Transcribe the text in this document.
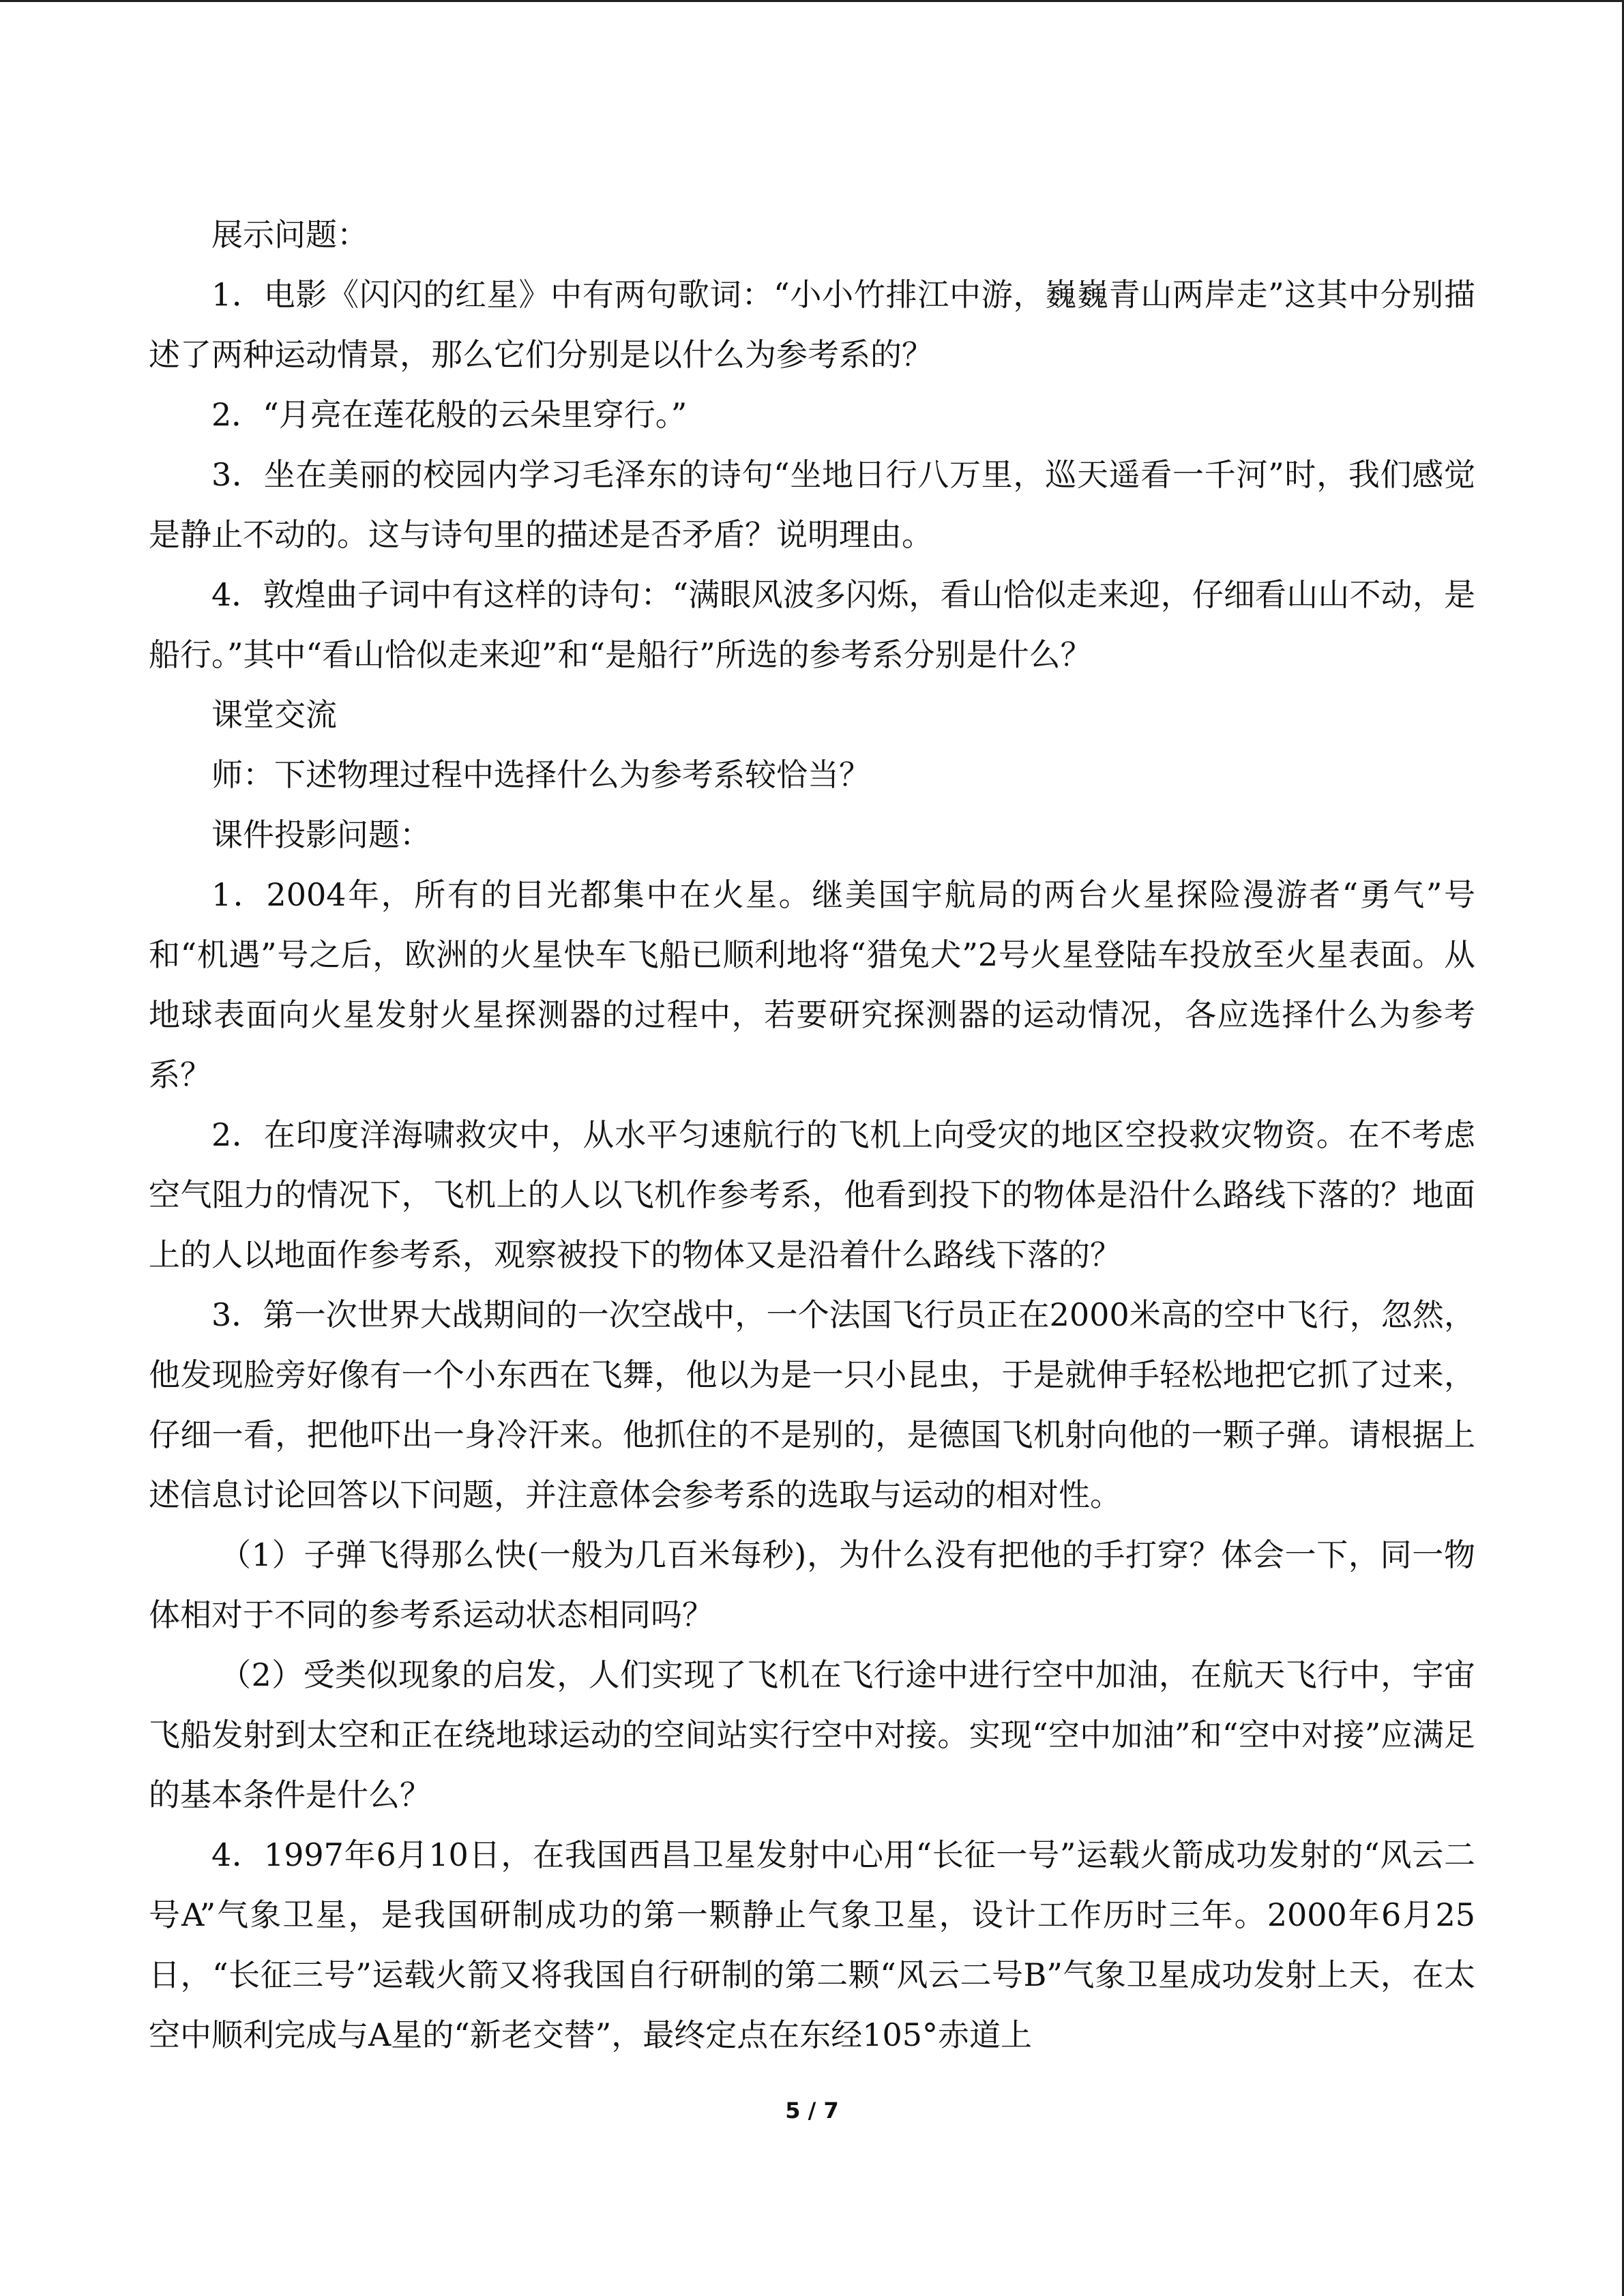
展示问题：

1．电影《闪闪的红星》中有两句歌词：“小小竹排江中游，巍巍青山两岸走”这其中分别描述了两种运动情景，那么它们分别是以什么为参考系的？

2．“月亮在莲花般的云朵里穿行。”

3．坐在美丽的校园内学习毛泽东的诗句“坐地日行八万里，巡天遥看一千河”时，我们感觉是静止不动的。这与诗句里的描述是否矛盾？说明理由。

4．敦煌曲子词中有这样的诗句：“满眼风波多闪烁，看山恰似走来迎，仔细看山山不动，是船行。”其中“看山恰似走来迎”和“是船行”所选的参考系分别是什么？

课堂交流

师：下述物理过程中选择什么为参考系较恰当？

课件投影问题：

1．2004年，所有的目光都集中在火星。继美国宇航局的两台火星探险漫游者“勇气”号和“机遇”号之后，欧洲的火星快车飞船已顺利地将“猎兔犬”2号火星登陆车投放至火星表面。从地球表面向火星发射火星探测器的过程中，若要研究探测器的运动情况，各应选择什么为参考系？

2．在印度洋海啸救灾中，从水平匀速航行的飞机上向受灾的地区空投救灾物资。在不考虑空气阻力的情况下，飞机上的人以飞机作参考系，他看到投下的物体是沿什么路线下落的？地面上的人以地面作参考系，观察被投下的物体又是沿着什么路线下落的？

3．第一次世界大战期间的一次空战中，一个法国飞行员正在2000米高的空中飞行，忽然，他发现脸旁好像有一个小东西在飞舞，他以为是一只小昆虫，于是就伸手轻松地把它抓了过来，仔细一看，把他吓出一身冷汗来。他抓住的不是别的，是德国飞机射向他的一颗子弹。请根据上述信息讨论回答以下问题，并注意体会参考系的选取与运动的相对性。

（1）子弹飞得那么快(一般为几百米每秒)，为什么没有把他的手打穿？体会一下，同一物体相对于不同的参考系运动状态相同吗？

（2）受类似现象的启发，人们实现了飞机在飞行途中进行空中加油，在航天飞行中，宇宙飞船发射到太空和正在绕地球运动的空间站实行空中对接。实现“空中加油”和“空中对接”应满足的基本条件是什么？

4．1997年6月10日，在我国西昌卫星发射中心用“长征一号”运载火箭成功发射的“风云二号A”气象卫星，是我国研制成功的第一颗静止气象卫星，设计工作历时三年。2000年6月25日，“长征三号”运载火箭又将我国自行研制的第二颗“风云二号B”气象卫星成功发射上天，在太空中顺利完成与A星的“新老交替”，最终定点在东经105°赤道上

5 / 7
